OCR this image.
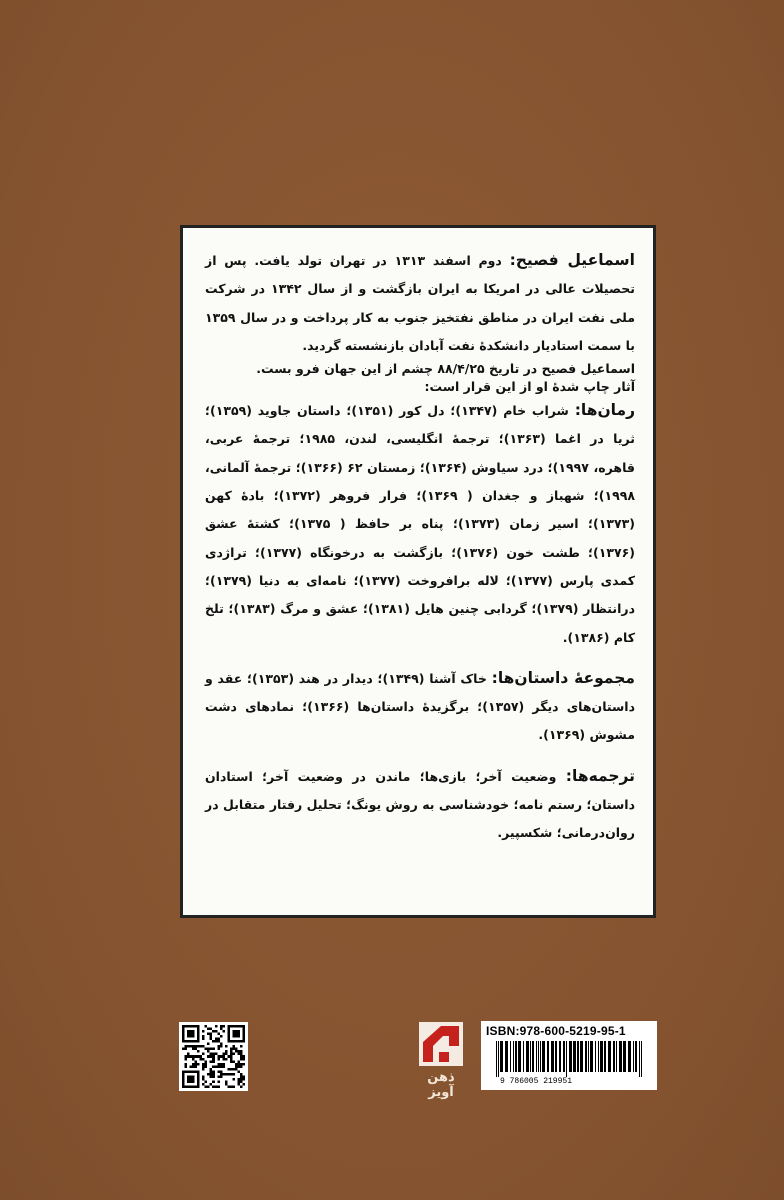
اسماعیل فصیح: دوم اسفند ۱۳۱۳ در تهران تولد یافت. پس از تحصیلات عالی در امریکا به ایران بازگشت و از سال ۱۳۴۲ در شرکت ملی نفت ایران در مناطق نفتخیز جنوب به کار پرداخت و در سال ۱۳۵۹ با سمت استادیار دانشکدهٔ نفت آبادان بازنشسته گردید.

اسماعیل فصیح در تاریخ ۸۸/۴/۲۵ چشم از این جهان فرو بست.

آثار چاپ شدهٔ او از این قرار است:

رمان‌ها: شراب خام (۱۳۴۷)؛ دل کور (۱۳۵۱)؛ داستان جاوید (۱۳۵۹)؛ ثریا در اغما (۱۳۶۳)؛ ترجمهٔ انگلیسی، لندن، ۱۹۸۵؛ ترجمهٔ عربی، قاهره، ۱۹۹۷)؛ درد سیاوش (۱۳۶۴)؛ زمستان ۶۲ (۱۳۶۶)؛ ترجمهٔ آلمانی، ۱۹۹۸)؛ شهباز و جغدان ( ۱۳۶۹)؛ فرار فروهر (۱۳۷۲)؛ بادهٔ کهن (۱۳۷۳)؛ اسیر زمان (۱۳۷۳)؛ پناه بر حافظ ( ۱۳۷۵)؛ کشتهٔ عشق (۱۳۷۶)؛ طشت خون (۱۳۷۶)؛ بازگشت به درخونگاه (۱۳۷۷)؛ تراژدی کمدی پارس (۱۳۷۷)؛ لاله برافروخت (۱۳۷۷)؛ نامه‌ای به دنیا (۱۳۷۹)؛ درانتظار (۱۳۷۹)؛ گردابی چنین هایل (۱۳۸۱)؛ عشق و مرگ (۱۳۸۳)؛ تلخ کام (۱۳۸۶).

مجموعهٔ داستان‌ها: خاک آشنا (۱۳۴۹)؛ دیدار در هند (۱۳۵۳)؛ عقد و داستان‌های دیگر (۱۳۵۷)؛ برگزیدهٔ داستان‌ها (۱۳۶۶)؛ نمادهای دشت مشوش (۱۳۶۹).

ترجمه‌ها: وضعیت آخر؛ بازی‌ها؛ ماندن در وضعیت آخر؛ استادان داستان؛ رستم نامه؛ خودشناسی به روش یونگ؛ تحلیل رفتار متقابل در روان‌درمانی؛ شکسپیر.

ذهن آویز
ISBN:978-600-5219-95-1
9 786005 219951
